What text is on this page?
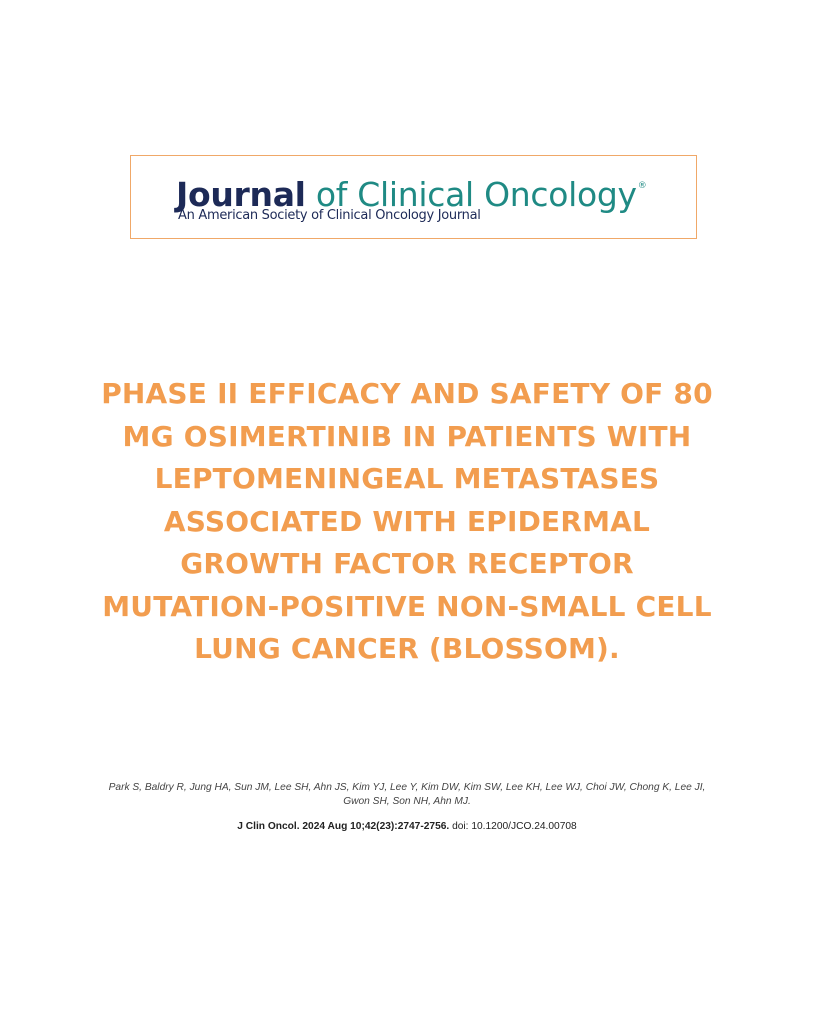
Journal of Clinical Oncology®
An American Society of Clinical Oncology Journal
PHASE II EFFICACY AND SAFETY OF 80
MG OSIMERTINIB IN PATIENTS WITH
LEPTOMENINGEAL METASTASES
ASSOCIATED WITH EPIDERMAL
GROWTH FACTOR RECEPTOR
MUTATION-POSITIVE NON-SMALL CELL
LUNG CANCER (BLOSSOM).
Park S, Baldry R, Jung HA, Sun JM, Lee SH, Ahn JS, Kim YJ, Lee Y, Kim DW, Kim SW, Lee KH, Lee WJ, Choi JW, Chong K, Lee JI,
Gwon SH, Son NH, Ahn MJ.
J Clin Oncol. 2024 Aug 10;42(23):2747-2756. doi: 10.1200/JCO.24.00708
